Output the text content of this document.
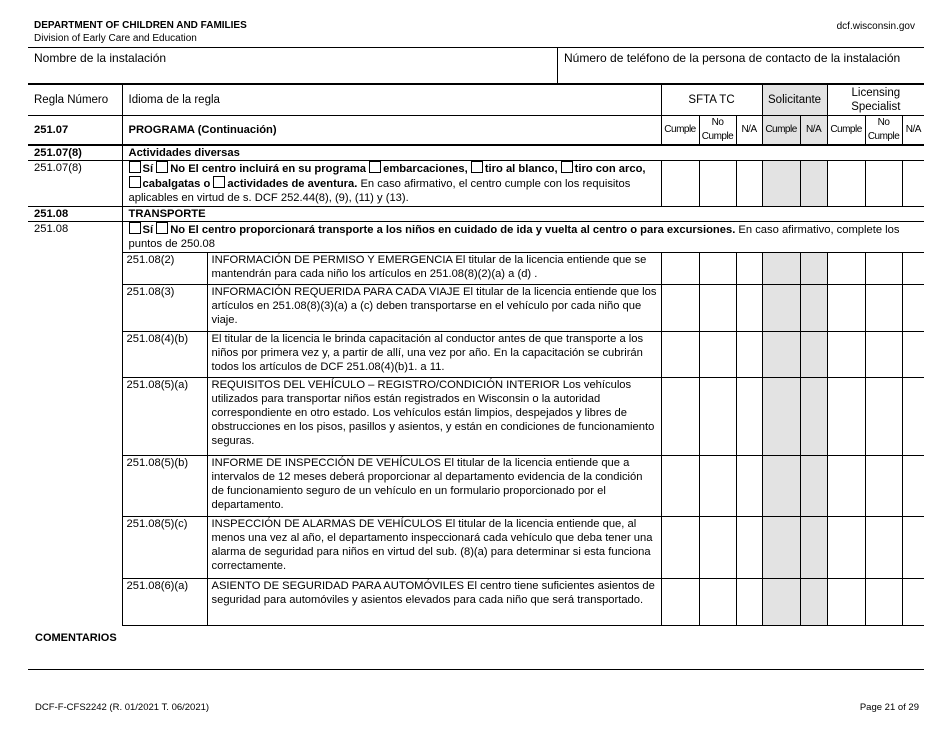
DEPARTMENT OF CHILDREN AND FAMILIES
Division of Early Care and Education
dcf.wisconsin.gov
Nombre de la instalación	Número de teléfono de la persona de contacto de la instalación
Regla Número	Idioma de la regla		SFTA TC			Solicitante		Licensing Specialist		
251.07	PROGRAMA (Continuación)		Cumple	No Cumple	N/A	Cumple	N/A	Cumple	No Cumple	N/A
251.07(8)	Actividades diversas									
251.07(8)	Sí No El centro incluirá en su programa embarcaciones, tiro al blanco, tiro con arco, cabalgatas o actividades de aventura. En caso afirmativo, el centro cumple con los requisitos aplicables en virtud de s. DCF 252.44(8), (9), (11) y (13).									
251.08	TRANSPORTE									
251.08	Sí No El centro proporcionará transporte a los niños en cuidado de ida y vuelta al centro o para excursiones. En caso afirmativo, complete los puntos de 250.08									
	251.08(2)	INFORMACIÓN DE PERMISO Y EMERGENCIA El titular de la licencia entiende que se mantendrán para cada niño los artículos en 251.08(8)(2)(a) a (d) .								
	251.08(3)	INFORMACIÓN REQUERIDA PARA CADA VIAJE El titular de la licencia entiende que los artículos en 251.08(8)(3)(a) a (c) deben transportarse en el vehículo por cada niño que viaje.								
	251.08(4)(b)	El titular de la licencia le brinda capacitación al conductor antes de que transporte a los niños por primera vez y, a partir de allí, una vez por año. En la capacitación se cubrirán todos los artículos de DCF 251.08(4)(b)1. a 11.								
	251.08(5)(a)	REQUISITOS DEL VEHÍCULO – REGISTRO/CONDICIÓN INTERIOR Los vehículos utilizados para transportar niños están registrados en Wisconsin o la autoridad correspondiente en otro estado. Los vehículos están limpios, despejados y libres de obstrucciones en los pisos, pasillos y asientos, y están en condiciones de funcionamiento seguras.								
	251.08(5)(b)	INFORME DE INSPECCIÓN DE VEHÍCULOS El titular de la licencia entiende que a intervalos de 12 meses deberá proporcionar al departamento evidencia de la condición de funcionamiento seguro de un vehículo en un formulario proporcionado por el departamento.								
	251.08(5)(c)	INSPECCIÓN DE ALARMAS DE VEHÍCULOS El titular de la licencia entiende que, al menos una vez al año, el departamento inspeccionará cada vehículo que deba tener una alarma de seguridad para niños en virtud del sub. (8)(a) para determinar si esta funciona correctamente.								
	251.08(6)(a)	ASIENTO DE SEGURIDAD PARA AUTOMÓVILES El centro tiene suficientes asientos de seguridad para automóviles y asientos elevados para cada niño que será transportado.								
COMENTARIOS
DCF-F-CFS2242 (R. 01/2021 T. 06/2021)	Page 21 of 29
